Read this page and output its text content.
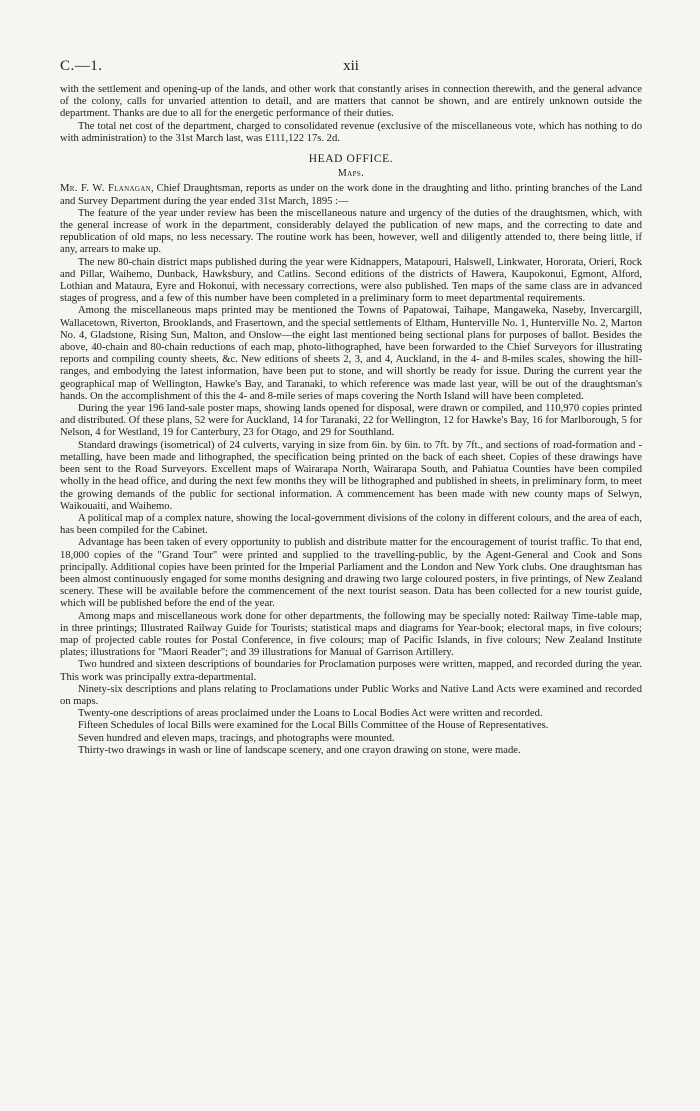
C.—1.	xii

with the settlement and opening-up of the lands, and other work that constantly arises in connection therewith, and the general advance of the colony, calls for unvaried attention to detail, and are matters that cannot be shown, and are entirely unknown outside the department. Thanks are due to all for the energetic performance of their duties.

The total net cost of the department, charged to consolidated revenue (exclusive of the miscellaneous vote, which has nothing to do with administration) to the 31st March last, was £111,122 17s. 2d.

HEAD OFFICE.
Maps.

Mr. F. W. Flanagan, Chief Draughtsman, reports as under on the work done in the draughting and litho. printing branches of the Land and Survey Department during the year ended 31st March, 1895 :—

The feature of the year under review has been the miscellaneous nature and urgency of the duties of the draughtsmen, which, with the general increase of work in the department, considerably delayed the publication of new maps, and the correcting to date and republication of old maps, no less necessary. The routine work has been, however, well and diligently attended to, there being little, if any, arrears to make up.

The new 80-chain district maps published during the year were Kidnappers, Matapouri, Halswell, Linkwater, Hororata, Orieri, Rock and Pillar, Waihemo, Dunback, Hawksbury, and Catlins. Second editions of the districts of Hawera, Kaupokonui, Egmont, Alford, Lothian and Mataura, Eyre and Hokonui, with necessary corrections, were also published. Ten maps of the same class are in advanced stages of progress, and a few of this number have been completed in a preliminary form to meet departmental requirements.

Among the miscellaneous maps printed may be mentioned the Towns of Papatowai, Taihape, Mangaweka, Naseby, Invercargill, Wallacetown, Riverton, Brooklands, and Frasertown, and the special settlements of Eltham, Hunterville No. 1, Hunterville No. 2, Marton No. 4, Gladstone, Rising Sun, Malton, and Onslow—the eight last mentioned being sectional plans for purposes of ballot. Besides the above, 40-chain and 80-chain reductions of each map, photo-lithographed, have been forwarded to the Chief Surveyors for illustrating reports and compiling county sheets, &c. New editions of sheets 2, 3, and 4, Auckland, in the 4- and 8-miles scales, showing the hill-ranges, and embodying the latest information, have been put to stone, and will shortly be ready for issue. During the current year the geographical map of Wellington, Hawke's Bay, and Taranaki, to which reference was made last year, will be out of the draughtsman's hands. On the accomplishment of this the 4- and 8-mile series of maps covering the North Island will have been completed.

During the year 196 land-sale poster maps, showing lands opened for disposal, were drawn or compiled, and 110,970 copies printed and distributed. Of these plans, 52 were for Auckland, 14 for Taranaki, 22 for Wellington, 12 for Hawke's Bay, 16 for Marlborough, 5 for Nelson, 4 for Westland, 19 for Canterbury, 23 for Otago, and 29 for Southland.

Standard drawings (isometrical) of 24 culverts, varying in size from 6in. by 6in. to 7ft. by 7ft., and sections of road-formation and -metalling, have been made and lithographed, the specification being printed on the back of each sheet. Copies of these drawings have been sent to the Road Surveyors. Excellent maps of Wairarapa North, Wairarapa South, and Pahiatua Counties have been compiled wholly in the head office, and during the next few months they will be lithographed and published in sheets, in preliminary form, to meet the growing demands of the public for sectional information. A commencement has been made with new county maps of Selwyn, Waikouaiti, and Waihemo.

A political map of a complex nature, showing the local-government divisions of the colony in different colours, and the area of each, has been compiled for the Cabinet.

Advantage has been taken of every opportunity to publish and distribute matter for the encouragement of tourist traffic. To that end, 18,000 copies of the "Grand Tour" were printed and supplied to the travelling-public, by the Agent-General and Cook and Sons principally. Additional copies have been printed for the Imperial Parliament and the London and New York clubs. One draughtsman has been almost continuously engaged for some months designing and drawing two large coloured posters, in five printings, of New Zealand scenery. These will be available before the commencement of the next tourist season. Data has been collected for a new tourist guide, which will be published before the end of the year.

Among maps and miscellaneous work done for other departments, the following may be specially noted: Railway Time-table map, in three printings; Illustrated Railway Guide for Tourists; statistical maps and diagrams for Year-book; electoral maps, in five colours; map of projected cable routes for Postal Conference, in five colours; map of Pacific Islands, in five colours; New Zealand Institute plates; illustrations for "Maori Reader"; and 39 illustrations for Manual of Garrison Artillery.

Two hundred and sixteen descriptions of boundaries for Proclamation purposes were written, mapped, and recorded during the year. This work was principally extra-departmental.

Ninety-six descriptions and plans relating to Proclamations under Public Works and Native Land Acts were examined and recorded on maps.

Twenty-one descriptions of areas proclaimed under the Loans to Local Bodies Act were written and recorded.

Fifteen Schedules of local Bills were examined for the Local Bills Committee of the House of Representatives.

Seven hundred and eleven maps, tracings, and photographs were mounted.

Thirty-two drawings in wash or line of landscape scenery, and one crayon drawing on stone, were made.
